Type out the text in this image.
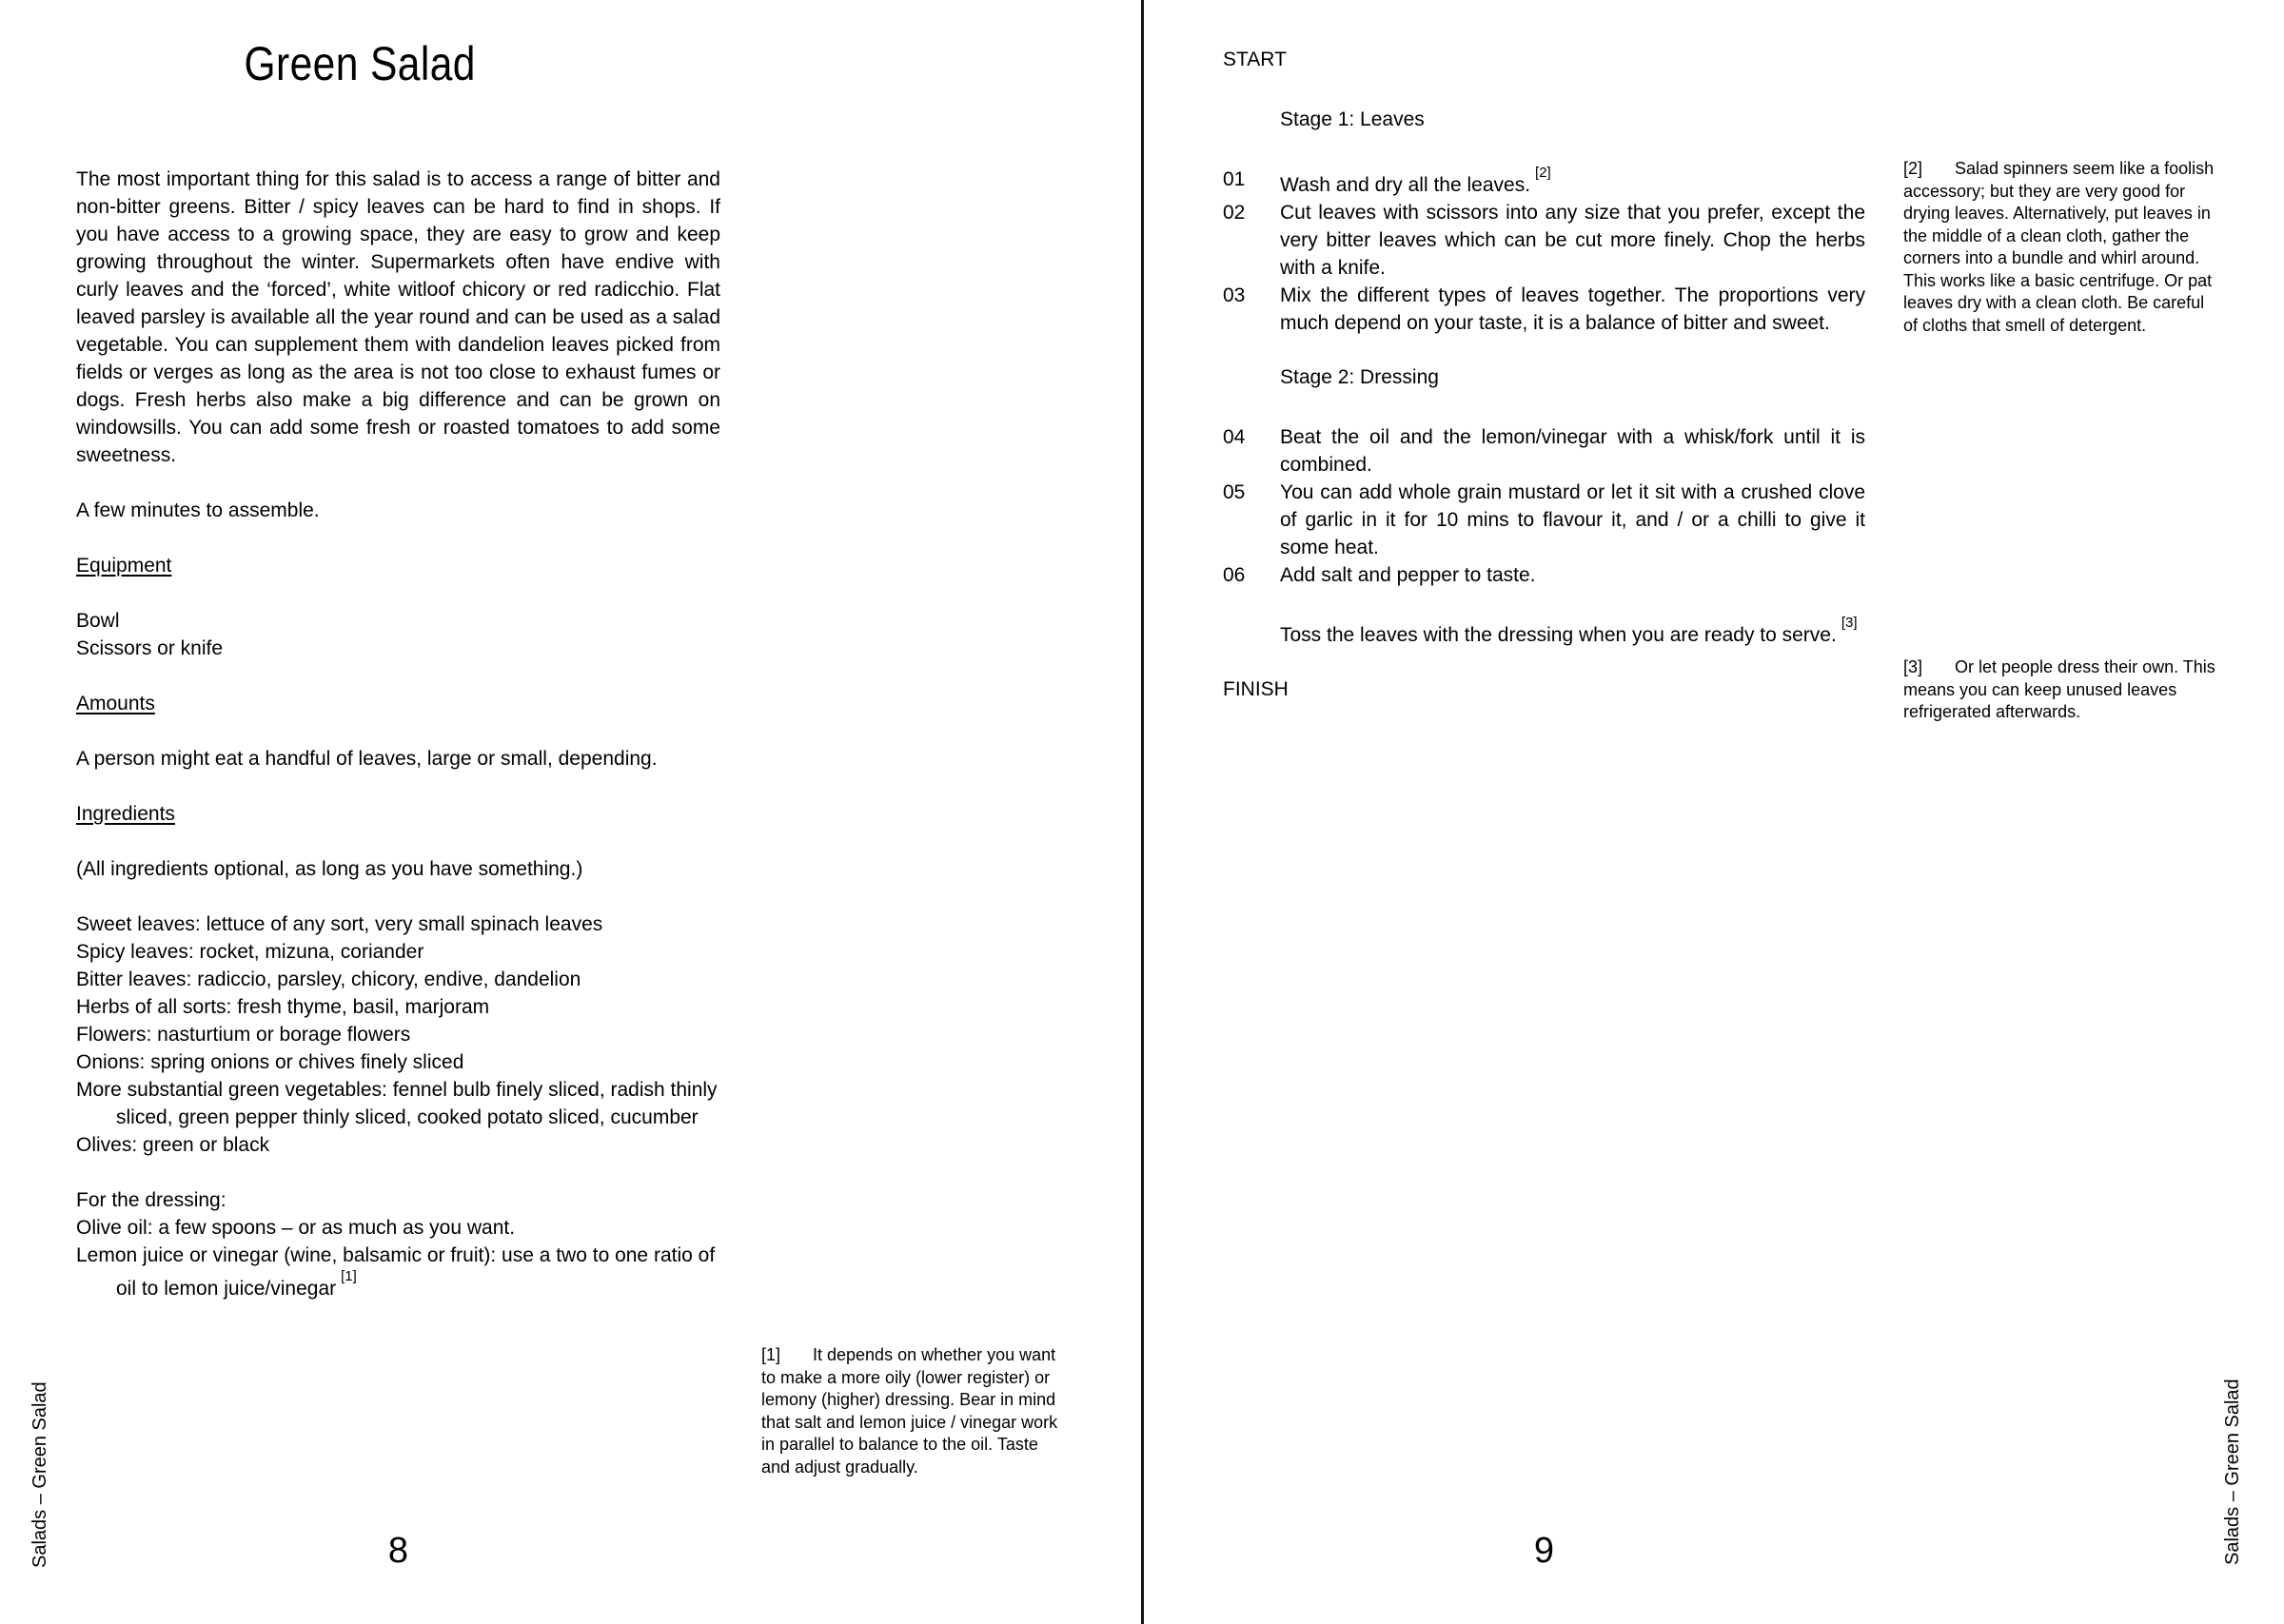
Green Salad

The most important thing for this salad is to access a range of bitter and non-bitter greens. Bitter / spicy leaves can be hard to find in shops. If you have access to a growing space, they are easy to grow and keep growing throughout the winter. Supermarkets often have endive with curly leaves and the ‘forced’, white witloof chicory or red radicchio. Flat leaved parsley is available all the year round and can be used as a salad vegetable. You can supplement them with dandelion leaves picked from fields or verges as long as the area is not too close to exhaust fumes or dogs. Fresh herbs also make a big difference and can be grown on windowsills. You can add some fresh or roasted tomatoes to add some sweetness.

A few minutes to assemble.

Equipment

Bowl
Scissors or knife

Amounts

A person might eat a handful of leaves, large or small, depending.

Ingredients

(All ingredients optional, as long as you have something.)

Sweet leaves: lettuce of any sort, very small spinach leaves
Spicy leaves: rocket, mizuna, coriander
Bitter leaves: radiccio, parsley, chicory, endive, dandelion
Herbs of all sorts: fresh thyme, basil, marjoram
Flowers: nasturtium or borage flowers
Onions: spring onions or chives finely sliced
More substantial green vegetables: fennel bulb finely sliced, radish thinly sliced, green pepper thinly sliced, cooked potato sliced, cucumber
Olives: green or black
For the dressing:
Olive oil: a few spoons – or as much as you want.
Lemon juice or vinegar (wine, balsamic or fruit): use a two to one ratio of oil to lemon juice/vinegar[1]
[1] It depends on whether you want to make a more oily (lower register) or lemony (higher) dressing. Bear in mind that salt and lemon juice / vinegar work in parallel to balance to the oil. Taste and adjust gradually.
8
Salads – Green Salad
START
Stage 1: Leaves
01	Wash and dry all the leaves.[2]
02	Cut leaves with scissors into any size that you prefer, except the very bitter leaves which can be cut more finely. Chop the herbs with a knife.
03	Mix the different types of leaves together. The proportions very much depend on your taste, it is a balance of bitter and sweet.
Stage 2: Dressing
04	Beat the oil and the lemon/vinegar with a whisk/fork until it is combined.
05	You can add whole grain mustard or let it sit with a crushed clove of garlic in it for 10 mins to flavour it, and / or a chilli to give it some heat.
06	Add salt and pepper to taste.
Toss the leaves with the dressing when you are ready to serve.[3]
FINISH
[2] Salad spinners seem like a foolish accessory; but they are very good for drying leaves. Alternatively, put leaves in the middle of a clean cloth, gather the corners into a bundle and whirl around. This works like a basic centrifuge. Or pat leaves dry with a clean cloth. Be careful of cloths that smell of detergent.
[3] Or let people dress their own. This means you can keep unused leaves refrigerated afterwards.
9	Salads – Green Salad
